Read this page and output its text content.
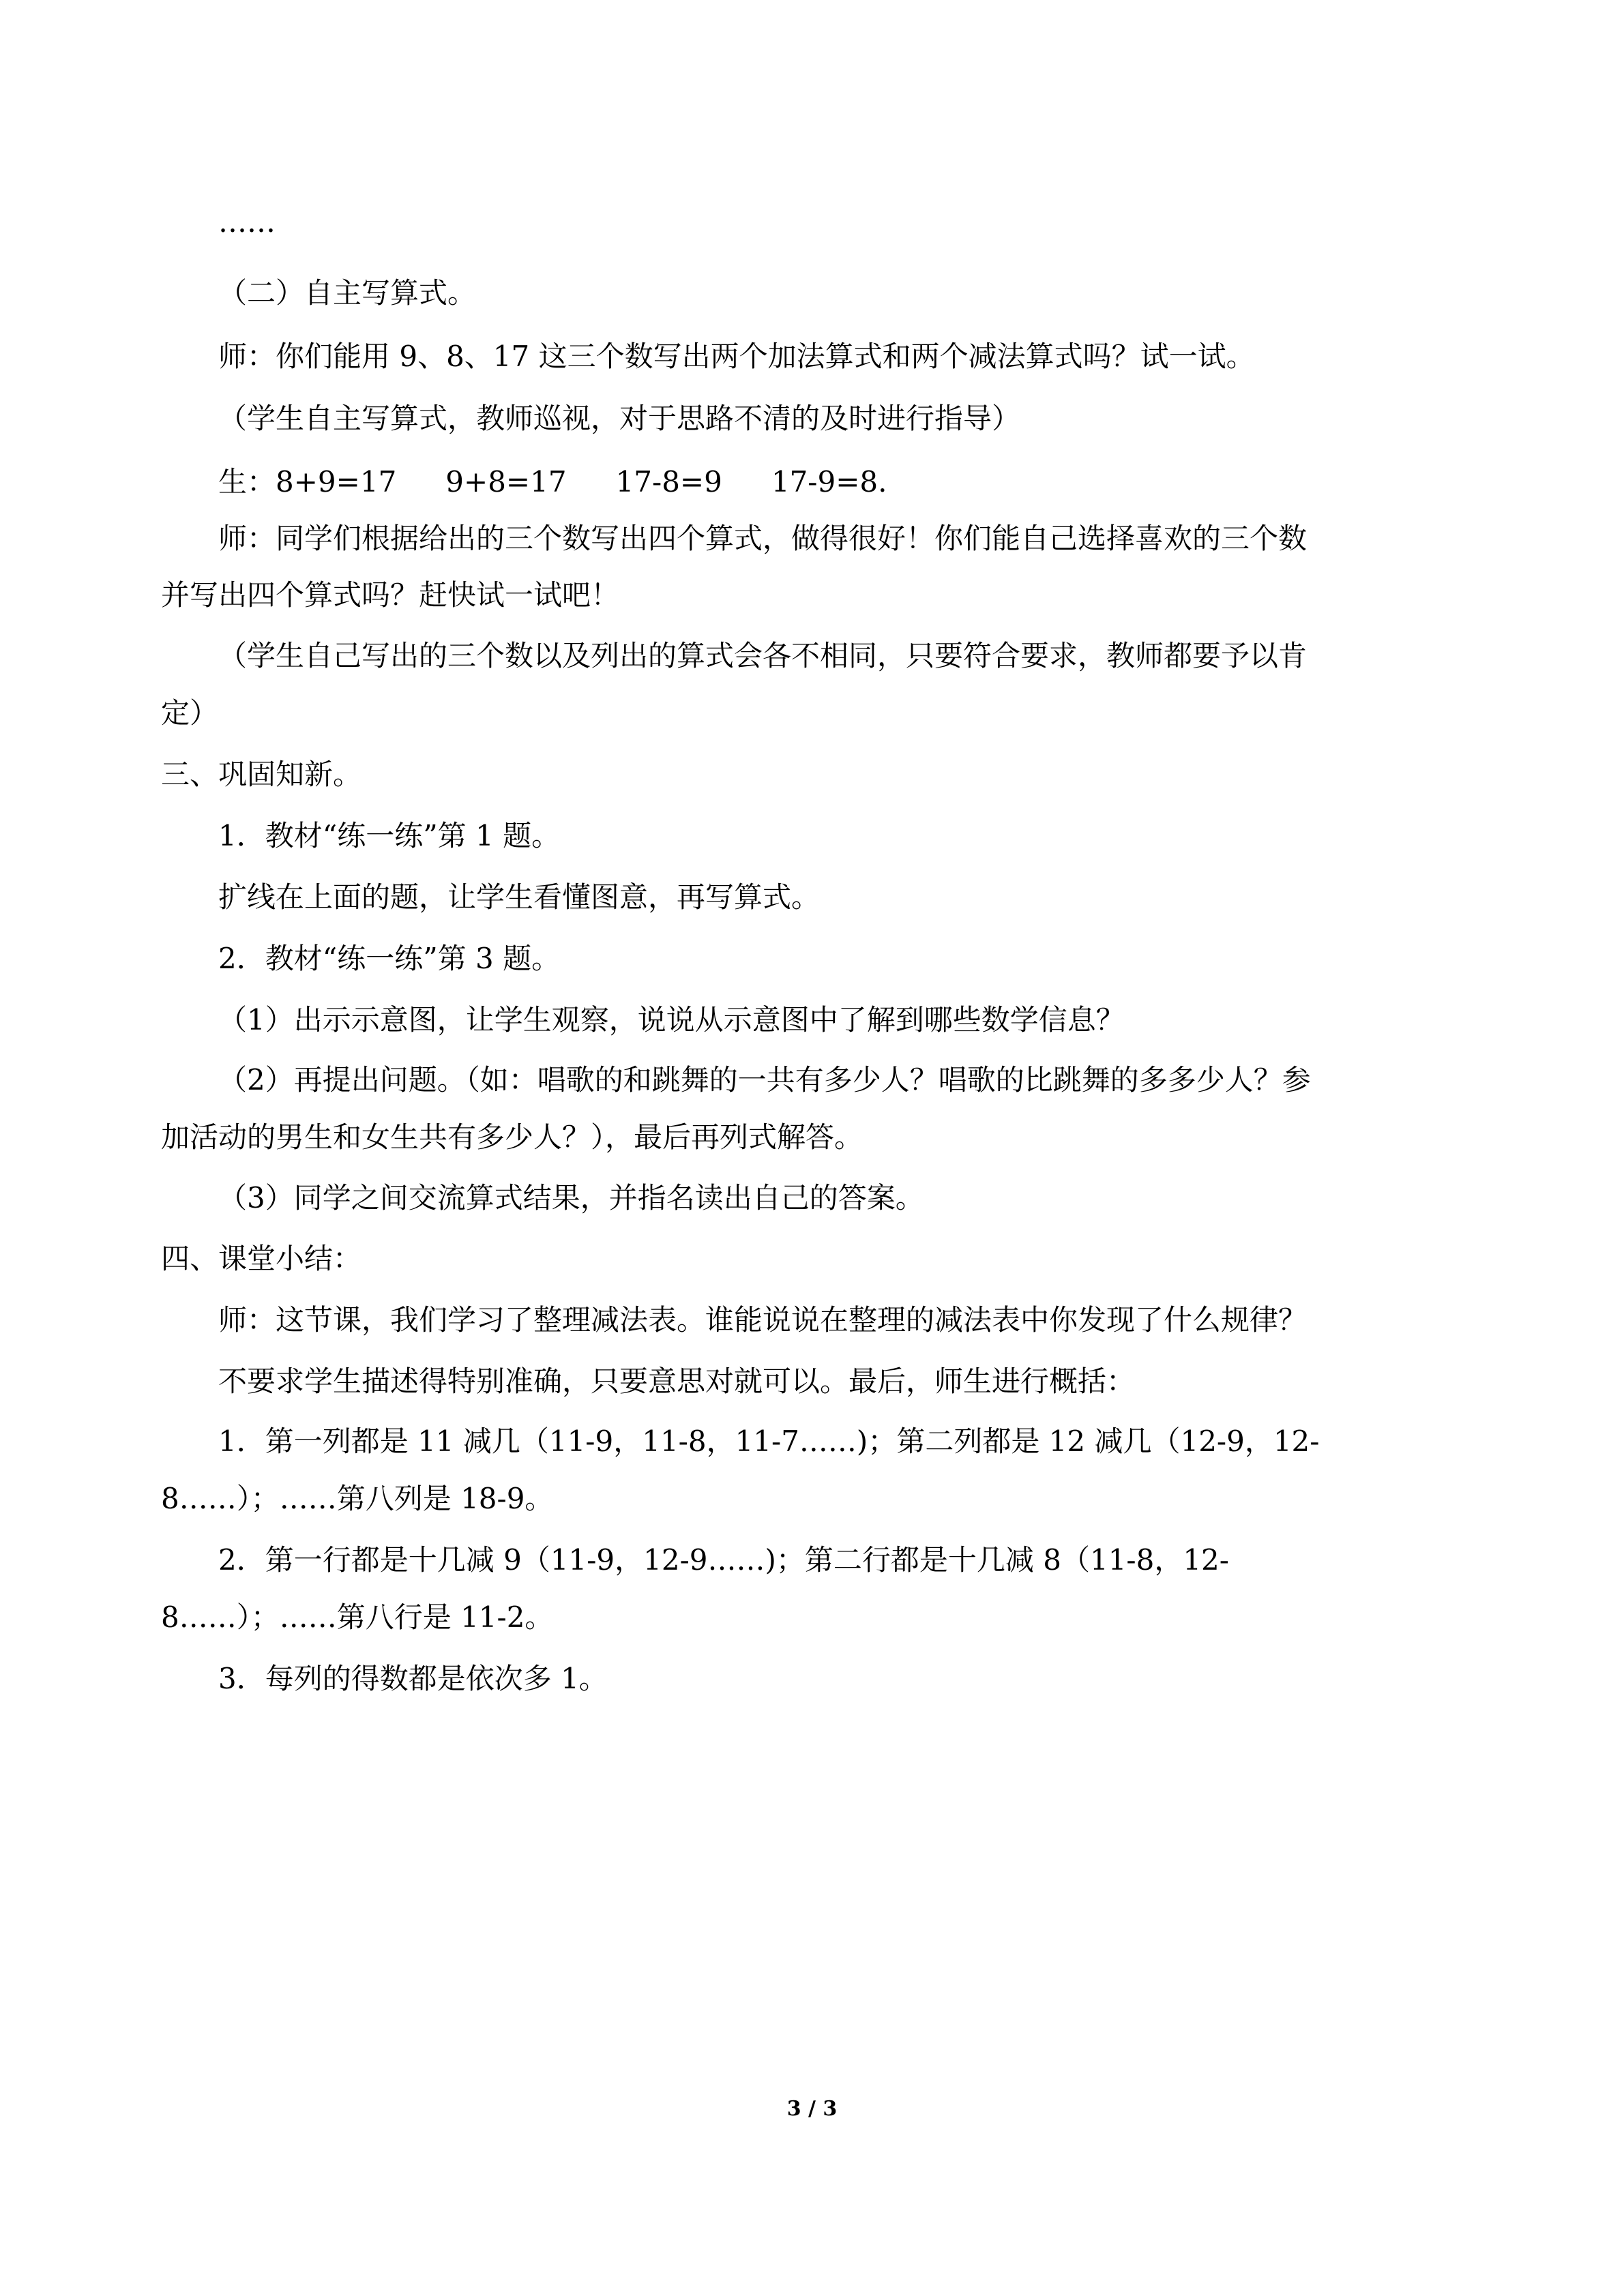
……
（二）自主写算式。
师：你们能用 9、8、17 这三个数写出两个加法算式和两个减法算式吗？试一试。
（学生自主写算式，教师巡视，对于思路不清的及时进行指导）
生：8+9=17 9+8=17 17-8=9 17-9=8.
师：同学们根据给出的三个数写出四个算式，做得很好！你们能自己选择喜欢的三个数
并写出四个算式吗？赶快试一试吧！
（学生自己写出的三个数以及列出的算式会各不相同，只要符合要求，教师都要予以肯
定）
三、巩固知新。
1．教材“练一练”第 1 题。
扩线在上面的题，让学生看懂图意，再写算式。
2．教材“练一练”第 3 题。
（1）出示示意图，让学生观察，说说从示意图中了解到哪些数学信息？
（2）再提出问题。（如：唱歌的和跳舞的一共有多少人？唱歌的比跳舞的多多少人？参
加活动的男生和女生共有多少人？），最后再列式解答。
（3）同学之间交流算式结果，并指名读出自己的答案。
四、课堂小结：
师：这节课，我们学习了整理减法表。谁能说说在整理的减法表中你发现了什么规律？
不要求学生描述得特别准确，只要意思对就可以。最后，师生进行概括：
1．第一列都是 11 减几（11-9，11-8，11-7……)；第二列都是 12 减几（12-9，12-
8……）；……第八列是 18-9。
2．第一行都是十几减 9（11-9，12-9……)；第二行都是十几减 8（11-8，12-
8……）；……第八行是 11-2。
3．每列的得数都是依次多 1。
3 / 3
